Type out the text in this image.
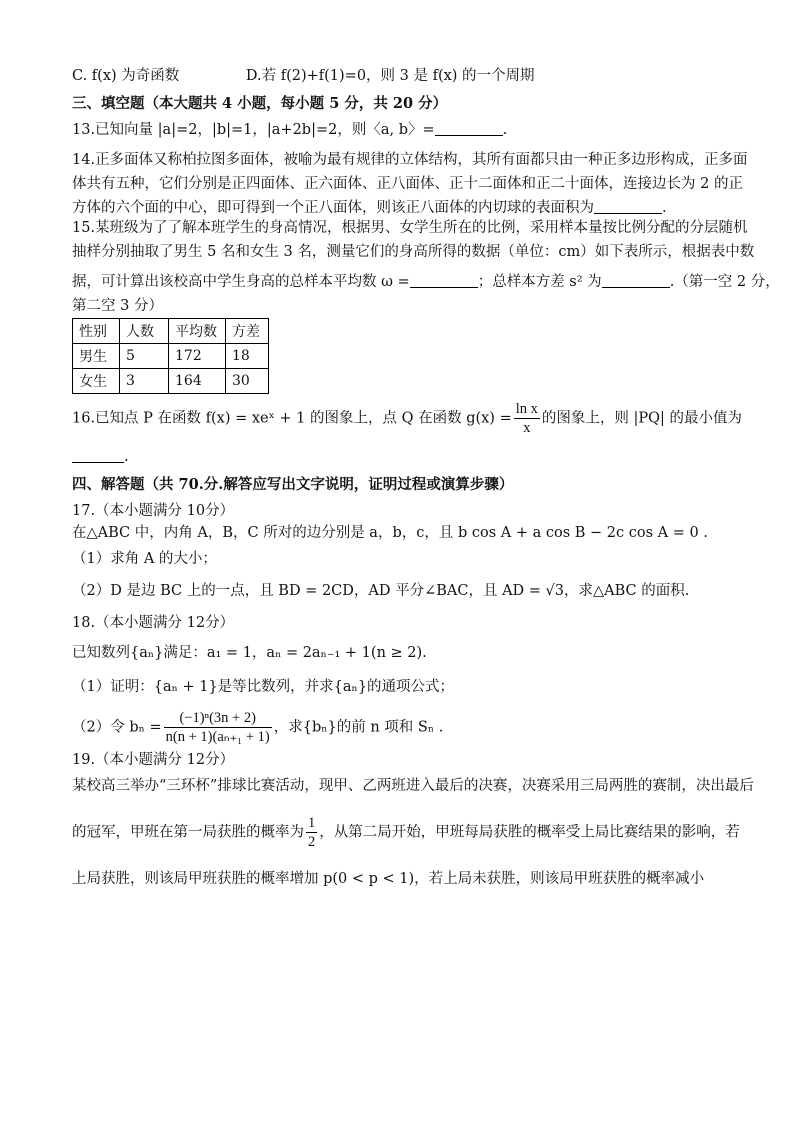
C. f(x) 为奇函数	D.若 f(2)+f(1)=0，则 3 是 f(x) 的一个周期

三、填空题（本大题共 4 小题，每小题 5 分，共 20 分）

13.已知向量 |a|=2，|b|=1，|a+2b|=2，则〈a, b〉=	.

14.正多面体又称柏拉图多面体，被喻为最有规律的立体结构，其所有面都只由一种正多边形构成，正多面

体共有五种，它们分别是正四面体、正六面体、正八面体、正十二面体和正二十面体，连接边长为 2 的正

方体的六个面的中心，即可得到一个正八面体，则该正八面体的内切球的表面积为	.

15.某班级为了了解本班学生的身高情况，根据男、女学生所在的比例，采用样本量按比例分配的分层随机

抽样分别抽取了男生 5 名和女生 3 名，测量它们的身高所得的数据（单位：cm）如下表所示，根据表中数

据，可计算出该校高中学生身高的总样本平均数 ω =	；总样本方差 s² 为	.（第一空 2 分，

第二空 3 分）

性别	人数	平均数	方差
男生	5	172	18
女生	3	164	30

16.已知点 P 在函数 f(x) = xeˣ + 1 的图象上，点 Q 在函数 $g(x) = \frac{\text{ln x}}{x}$ 的图象上，则 |PQ| 的最小值为

.

四、解答题（共 70.分.解答应写出文字说明，证明过程或演算步骤）

17.（本小题满分 10分）

在△ABC 中，内角 A，B，C 所对的边分别是 a，b，c，且 b cos A + a cos B − 2c cos A = 0 .

（1）求角 A 的大小；

（2）D 是边 BC 上的一点，且 BD = 2CD，AD 平分∠BAC，且 AD = √3，求△ABC 的面积.

18.（本小题满分 12分）

已知数列{aₙ}满足：a₁ = 1，aₙ = 2aₙ₋₁ + 1(n ≥ 2).

（1）证明：{aₙ + 1}是等比数列，并求{aₙ}的通项公式；

（2）令 $b_n = \frac{\text{(−1)ⁿ(3n + 2)}}{\text{n(n + 1)(aₙ₊₁ + 1)}}$ ，求{bₙ}的前 n 项和 Sₙ .

19.（本小题满分 12分）

某校高三举办“三环杯”排球比赛活动，现甲、乙两班进入最后的决赛，决赛采用三局两胜的赛制，决出最后

的冠军，甲班在第一局获胜的概率为 $\frac{1}{2}$ ，从第二局开始，甲班每局获胜的概率受上局比赛结果的影响，若

上局获胜，则该局甲班获胜的概率增加 p(0 < p < 1)，若上局未获胜，则该局甲班获胜的概率减小
